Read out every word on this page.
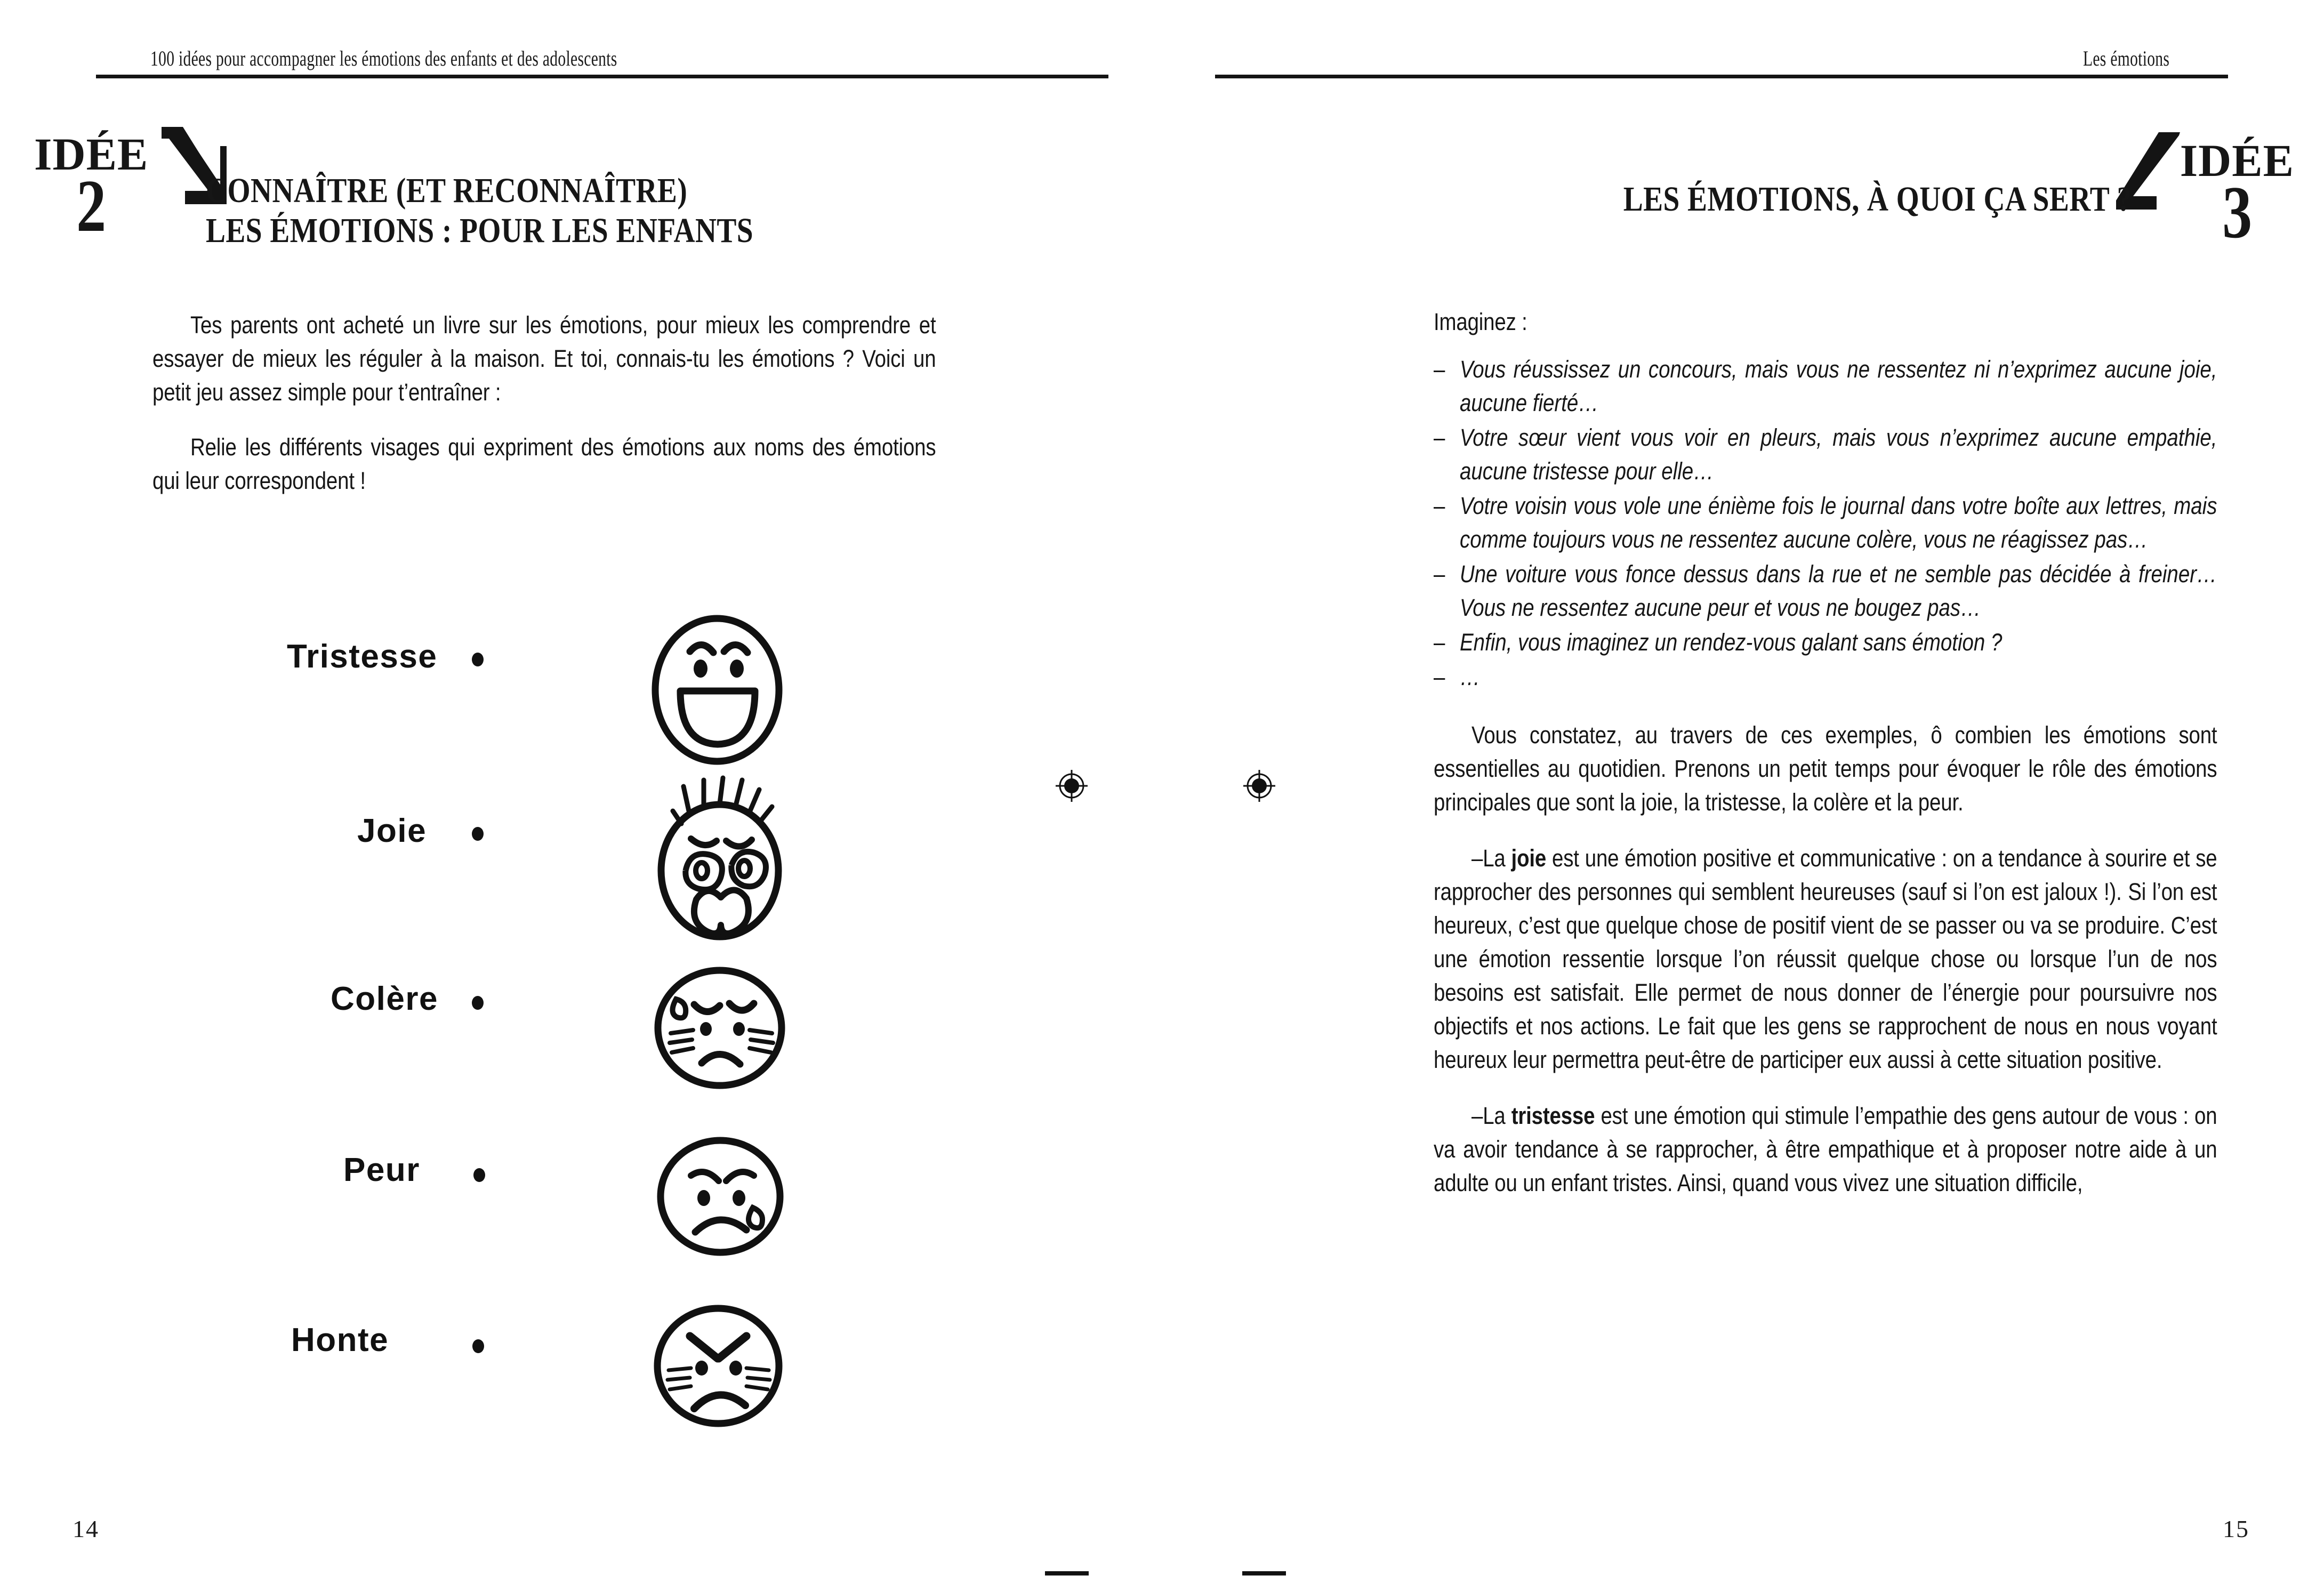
100 idées pour accompagner les émotions des enfants et des adolescents
IDÉE
2	CONNAÎTRE (ET RECONNAÎTRE)
LES ÉMOTIONS : POUR LES ENFANTS

Tes parents ont acheté un livre sur les émotions, pour mieux les comprendre et essayer de mieux les réguler à la maison. Et toi, connais-tu les émotions ? Voici un petit jeu assez simple pour t’entraîner :

Relie les différents visages qui expriment des émotions aux noms des émotions qui leur correspondent !

Tristesse
Joie
Colère
Peur
Honte
14
Les émotions
IDÉE
3
LES ÉMOTIONS, À QUOI ÇA SERT ?

Imaginez :

– Vous réussissez un concours, mais vous ne ressentez ni n’exprimez aucune joie, aucune fierté…
– Votre sœur vient vous voir en pleurs, mais vous n’exprimez aucune empathie, aucune tristesse pour elle…
– Votre voisin vous vole une énième fois le journal dans votre boîte aux lettres, mais comme toujours vous ne ressentez aucune colère, vous ne réagissez pas…
– Une voiture vous fonce dessus dans la rue et ne semble pas décidée à freiner… Vous ne ressentez aucune peur et vous ne bougez pas…
– Enfin, vous imaginez un rendez-vous galant sans émotion ?
– …

Vous constatez, au travers de ces exemples, ô combien les émotions sont essentielles au quotidien. Prenons un petit temps pour évoquer le rôle des émotions principales que sont la joie, la tristesse, la colère et la peur.

–La joie est une émotion positive et communicative : on a tendance à sourire et se rapprocher des personnes qui semblent heureuses (sauf si l’on est jaloux !). Si l’on est heureux, c’est que quelque chose de positif vient de se passer ou va se produire. C’est une émotion ressentie lorsque l’on réussit quelque chose ou lorsque l’un de nos besoins est satisfait. Elle permet de nous donner de l’énergie pour poursuivre nos objectifs et nos actions. Le fait que les gens se rapprochent de nous en nous voyant heureux leur permettra peut-être de participer eux aussi à cette situation positive.

–La tristesse est une émotion qui stimule l’empathie des gens autour de vous : on va avoir tendance à se rapprocher, à être empathique et à proposer notre aide à un adulte ou un enfant tristes. Ainsi, quand vous vivez une situation difficile,

15
